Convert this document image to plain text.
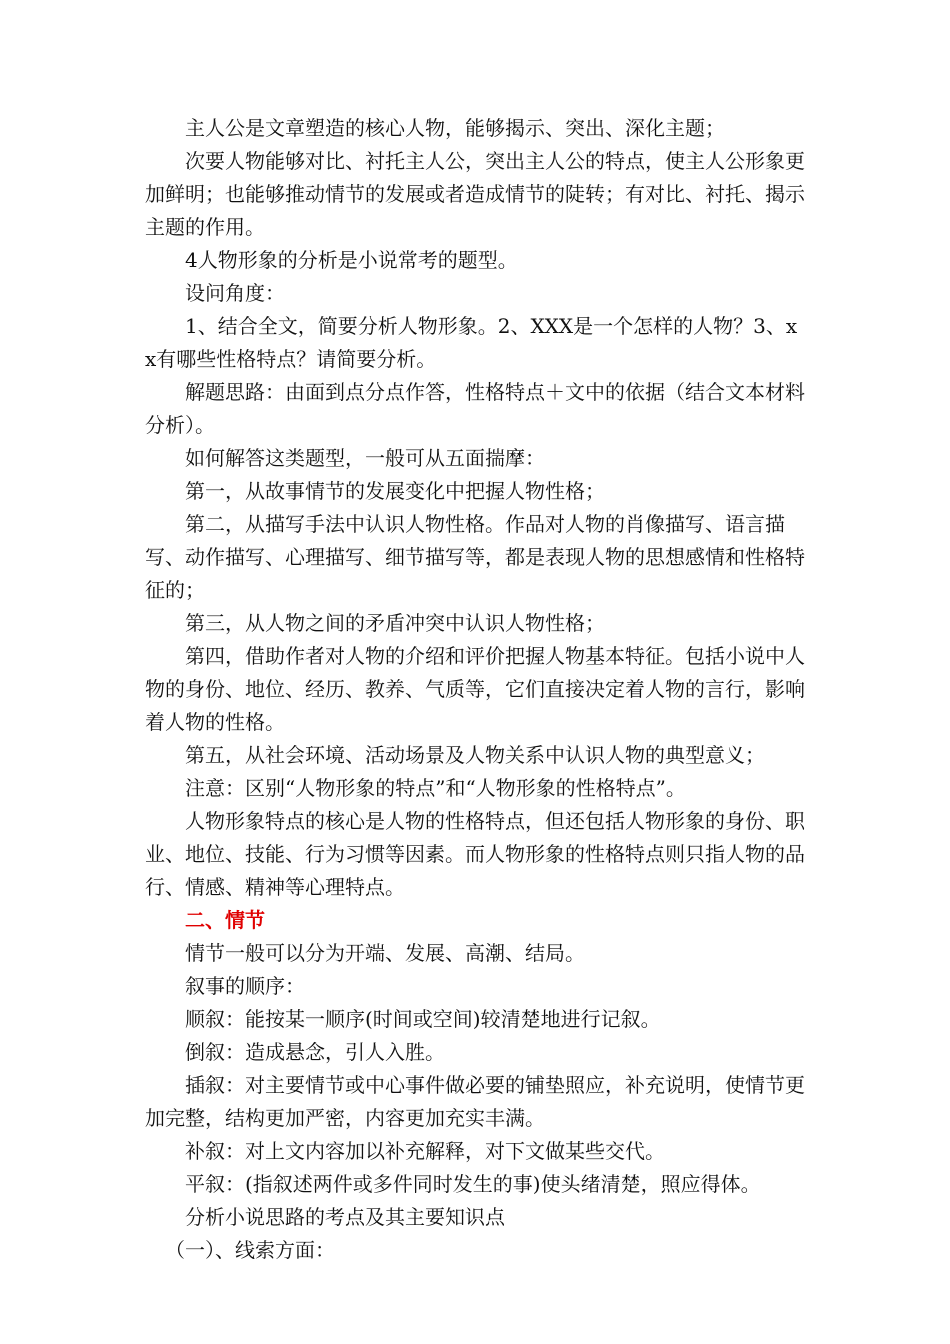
主人公是文章塑造的核心人物，能够揭示、突出、深化主题；

次要人物能够对比、衬托主人公，突出主人公的特点，使主人公形象更加鲜明；也能够推动情节的发展或者造成情节的陡转；有对比、衬托、揭示主题的作用。

4人物形象的分析是小说常考的题型。

设问角度：

1、结合全文，简要分析人物形象。2、XXX是一个怎样的人物？3、xx有哪些性格特点？请简要分析。

解题思路：由面到点分点作答，性格特点＋文中的依据（结合文本材料分析）。

如何解答这类题型，一般可从五面揣摩：

第一，从故事情节的发展变化中把握人物性格；

第二，从描写手法中认识人物性格。作品对人物的肖像描写、语言描写、动作描写、心理描写、细节描写等，都是表现人物的思想感情和性格特征的；

第三，从人物之间的矛盾冲突中认识人物性格；

第四，借助作者对人物的介绍和评价把握人物基本特征。包括小说中人物的身份、地位、经历、教养、气质等，它们直接决定着人物的言行，影响着人物的性格。

第五，从社会环境、活动场景及人物关系中认识人物的典型意义；

注意：区别“人物形象的特点”和“人物形象的性格特点”。

人物形象特点的核心是人物的性格特点，但还包括人物形象的身份、职业、地位、技能、行为习惯等因素。而人物形象的性格特点则只指人物的品行、情感、精神等心理特点。

二、情节

情节一般可以分为开端、发展、高潮、结局。

叙事的顺序：

顺叙：能按某一顺序(时间或空间)较清楚地进行记叙。

倒叙：造成悬念，引人入胜。

插叙：对主要情节或中心事件做必要的铺垫照应，补充说明，使情节更加完整，结构更加严密，内容更加充实丰满。

补叙：对上文内容加以补充解释，对下文做某些交代。

平叙：(指叙述两件或多件同时发生的事)使头绪清楚，照应得体。

分析小说思路的考点及其主要知识点

（一）、线索方面：
